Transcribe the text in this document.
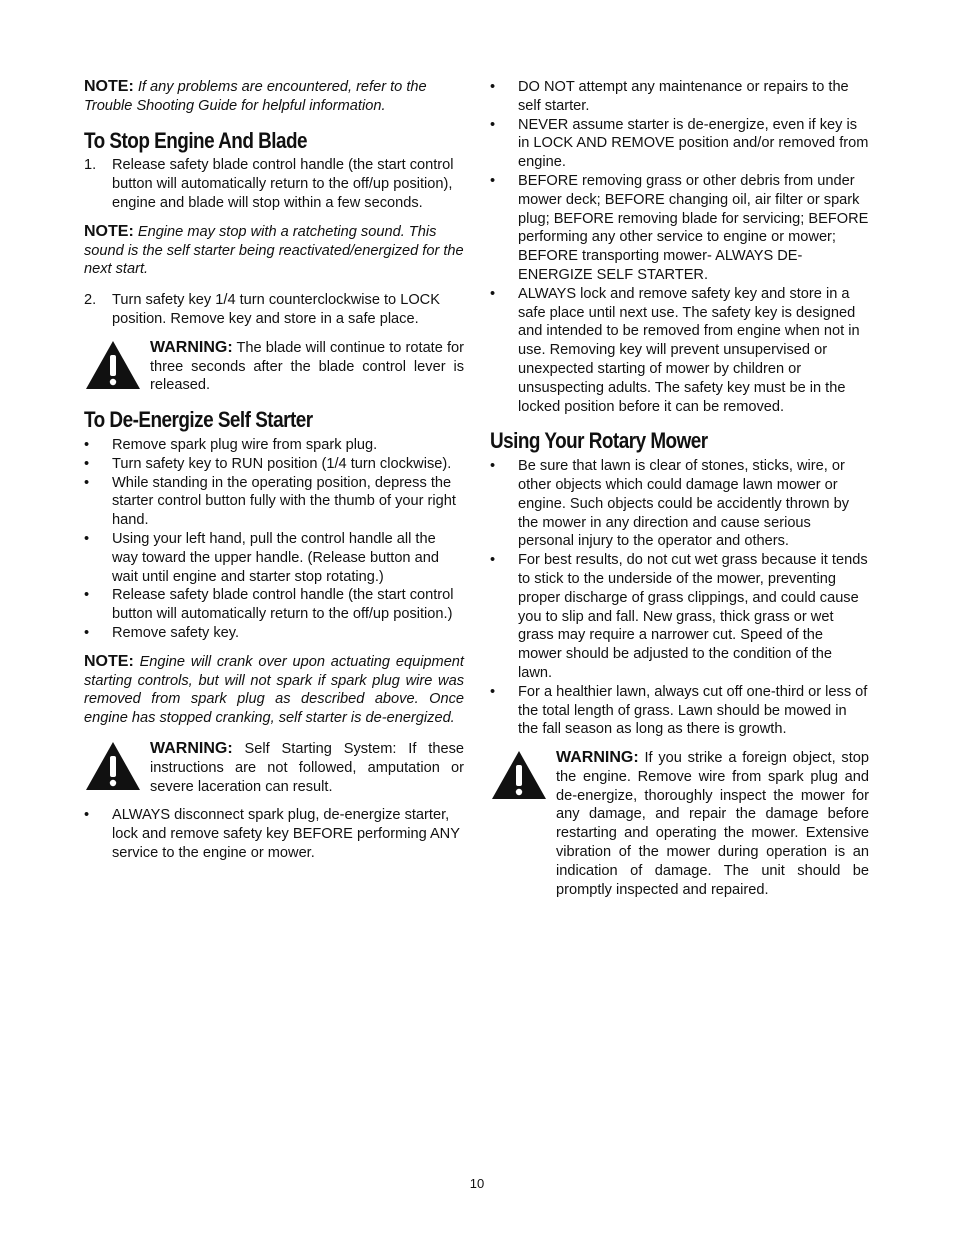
NOTE: If any problems are encountered, refer to the Trouble Shooting Guide for helpful information.

To Stop Engine And Blade
1.	Release safety blade control handle (the start control button will automatically return to the off/up position), engine and blade will stop within a few seconds.

NOTE: Engine may stop with a ratcheting sound. This sound is the self starter being reactivated/energized for the next start.

2.	Turn safety key 1/4 turn counterclockwise to LOCK position. Remove key and store in a safe place.
WARNING: The blade will continue to rotate for three seconds after the blade control lever is released.
To De-Energize Self Starter
•	Remove spark plug wire from spark plug.
•	Turn safety key to RUN position (1/4 turn clockwise).
•	While standing in the operating position, depress the starter control button fully with the thumb of your right hand.
•	Using your left hand, pull the control handle all the way toward the upper handle. (Release button and wait until engine and starter stop rotating.)
•	Release safety blade control handle (the start control button will automatically return to the off/up position.)
•	Remove safety key.

NOTE: Engine will crank over upon actuating equipment starting controls, but will not spark if spark plug wire was removed from spark plug as described above. Once engine has stopped cranking, self starter is de-energized.

WARNING: Self Starting System: If these instructions are not followed, amputation or severe laceration can result.
•	ALWAYS disconnect spark plug, de-energize starter, lock and remove safety key BEFORE performing ANY service to the engine or mower.
•	DO NOT attempt any maintenance or repairs to the self starter.
•	NEVER assume starter is de-energize, even if key is in LOCK AND REMOVE position and/or removed from engine.
•	BEFORE removing grass or other debris from under mower deck; BEFORE changing oil, air filter or spark plug; BEFORE removing blade for servicing; BEFORE performing any other service to engine or mower; BEFORE transporting mower- ALWAYS DE-ENERGIZE SELF STARTER.
•	ALWAYS lock and remove safety key and store in a safe place until next use. The safety key is designed and intended to be removed from engine when not in use. Removing key will prevent unsupervised or unexpected starting of mower by children or unsuspecting adults. The safety key must be in the locked position before it can be removed.
Using Your Rotary Mower
•	Be sure that lawn is clear of stones, sticks, wire, or other objects which could damage lawn mower or engine. Such objects could be accidently thrown by the mower in any direction and cause serious personal injury to the operator and others.
•	For best results, do not cut wet grass because it tends to stick to the underside of the mower, preventing proper discharge of grass clippings, and could cause you to slip and fall. New grass, thick grass or wet grass may require a narrower cut. Speed of the mower should be adjusted to the condition of the lawn.
•	For a healthier lawn, always cut off one-third or less of the total length of grass. Lawn should be mowed in the fall season as long as there is growth.
WARNING: If you strike a foreign object, stop the engine. Remove wire from spark plug and de-energize, thoroughly inspect the mower for any damage, and repair the damage before restarting and operating the mower. Extensive vibration of the mower during operation is an indication of damage. The unit should be promptly inspected and repaired.
10
